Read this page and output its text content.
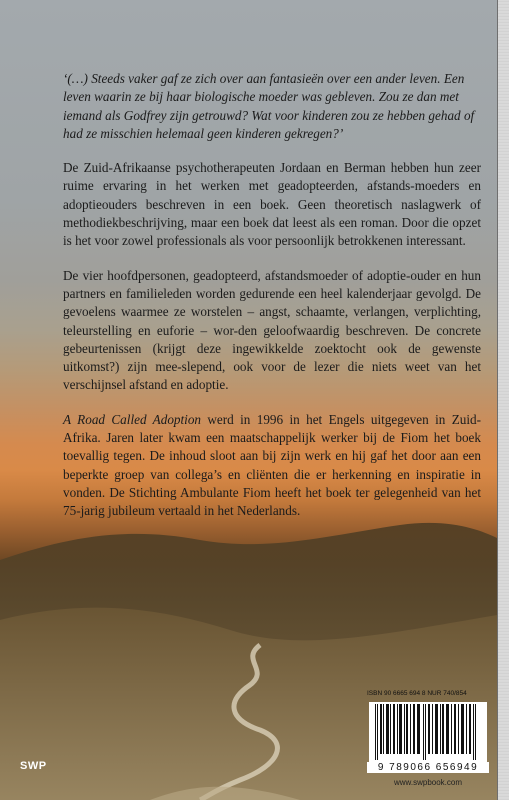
‘(…) Steeds vaker gaf ze zich over aan fantasieën over een ander leven. Een leven waarin ze bij haar biologische moeder was gebleven. Zou ze dan met iemand als Godfrey zijn getrouwd? Wat voor kinderen zou ze hebben gehad of had ze misschien helemaal geen kinderen gekregen?’

De Zuid-Afrikaanse psychotherapeuten Jordaan en Berman hebben hun zeer ruime ervaring in het werken met geadopteerden, afstands-moeders en adoptieouders beschreven in een boek. Geen theoretisch naslagwerk of methodiekbeschrijving, maar een boek dat leest als een roman. Door die opzet is het voor zowel professionals als voor persoonlijk betrokkenen interessant.

De vier hoofdpersonen, geadopteerd, afstandsmoeder of adoptie-ouder en hun partners en familieleden worden gedurende een heel kalenderjaar gevolgd. De gevoelens waarmee ze worstelen – angst, schaamte, verlangen, verplichting, teleurstelling en euforie – wor-den geloofwaardig beschreven. De concrete gebeurtenissen (krijgt deze ingewikkelde zoektocht ook de gewenste uitkomst?) zijn mee-slepend, ook voor de lezer die niets weet van het verschijnsel afstand en adoptie.

A Road Called Adoption werd in 1996 in het Engels uitgegeven in Zuid-Afrika. Jaren later kwam een maatschappelijk werker bij de Fiom het boek toevallig tegen. De inhoud sloot aan bij zijn werk en hij gaf het door aan een beperkte groep van collega’s en cliënten die er herkenning en inspiratie in vonden. De Stichting Ambulante Fiom heeft het boek ter gelegenheid van het 75-jarig jubileum vertaald in het Nederlands.

ISBN 90 6665 694 8 NUR 740/854
9 789066 656949
www.swpbook.com
SWP
